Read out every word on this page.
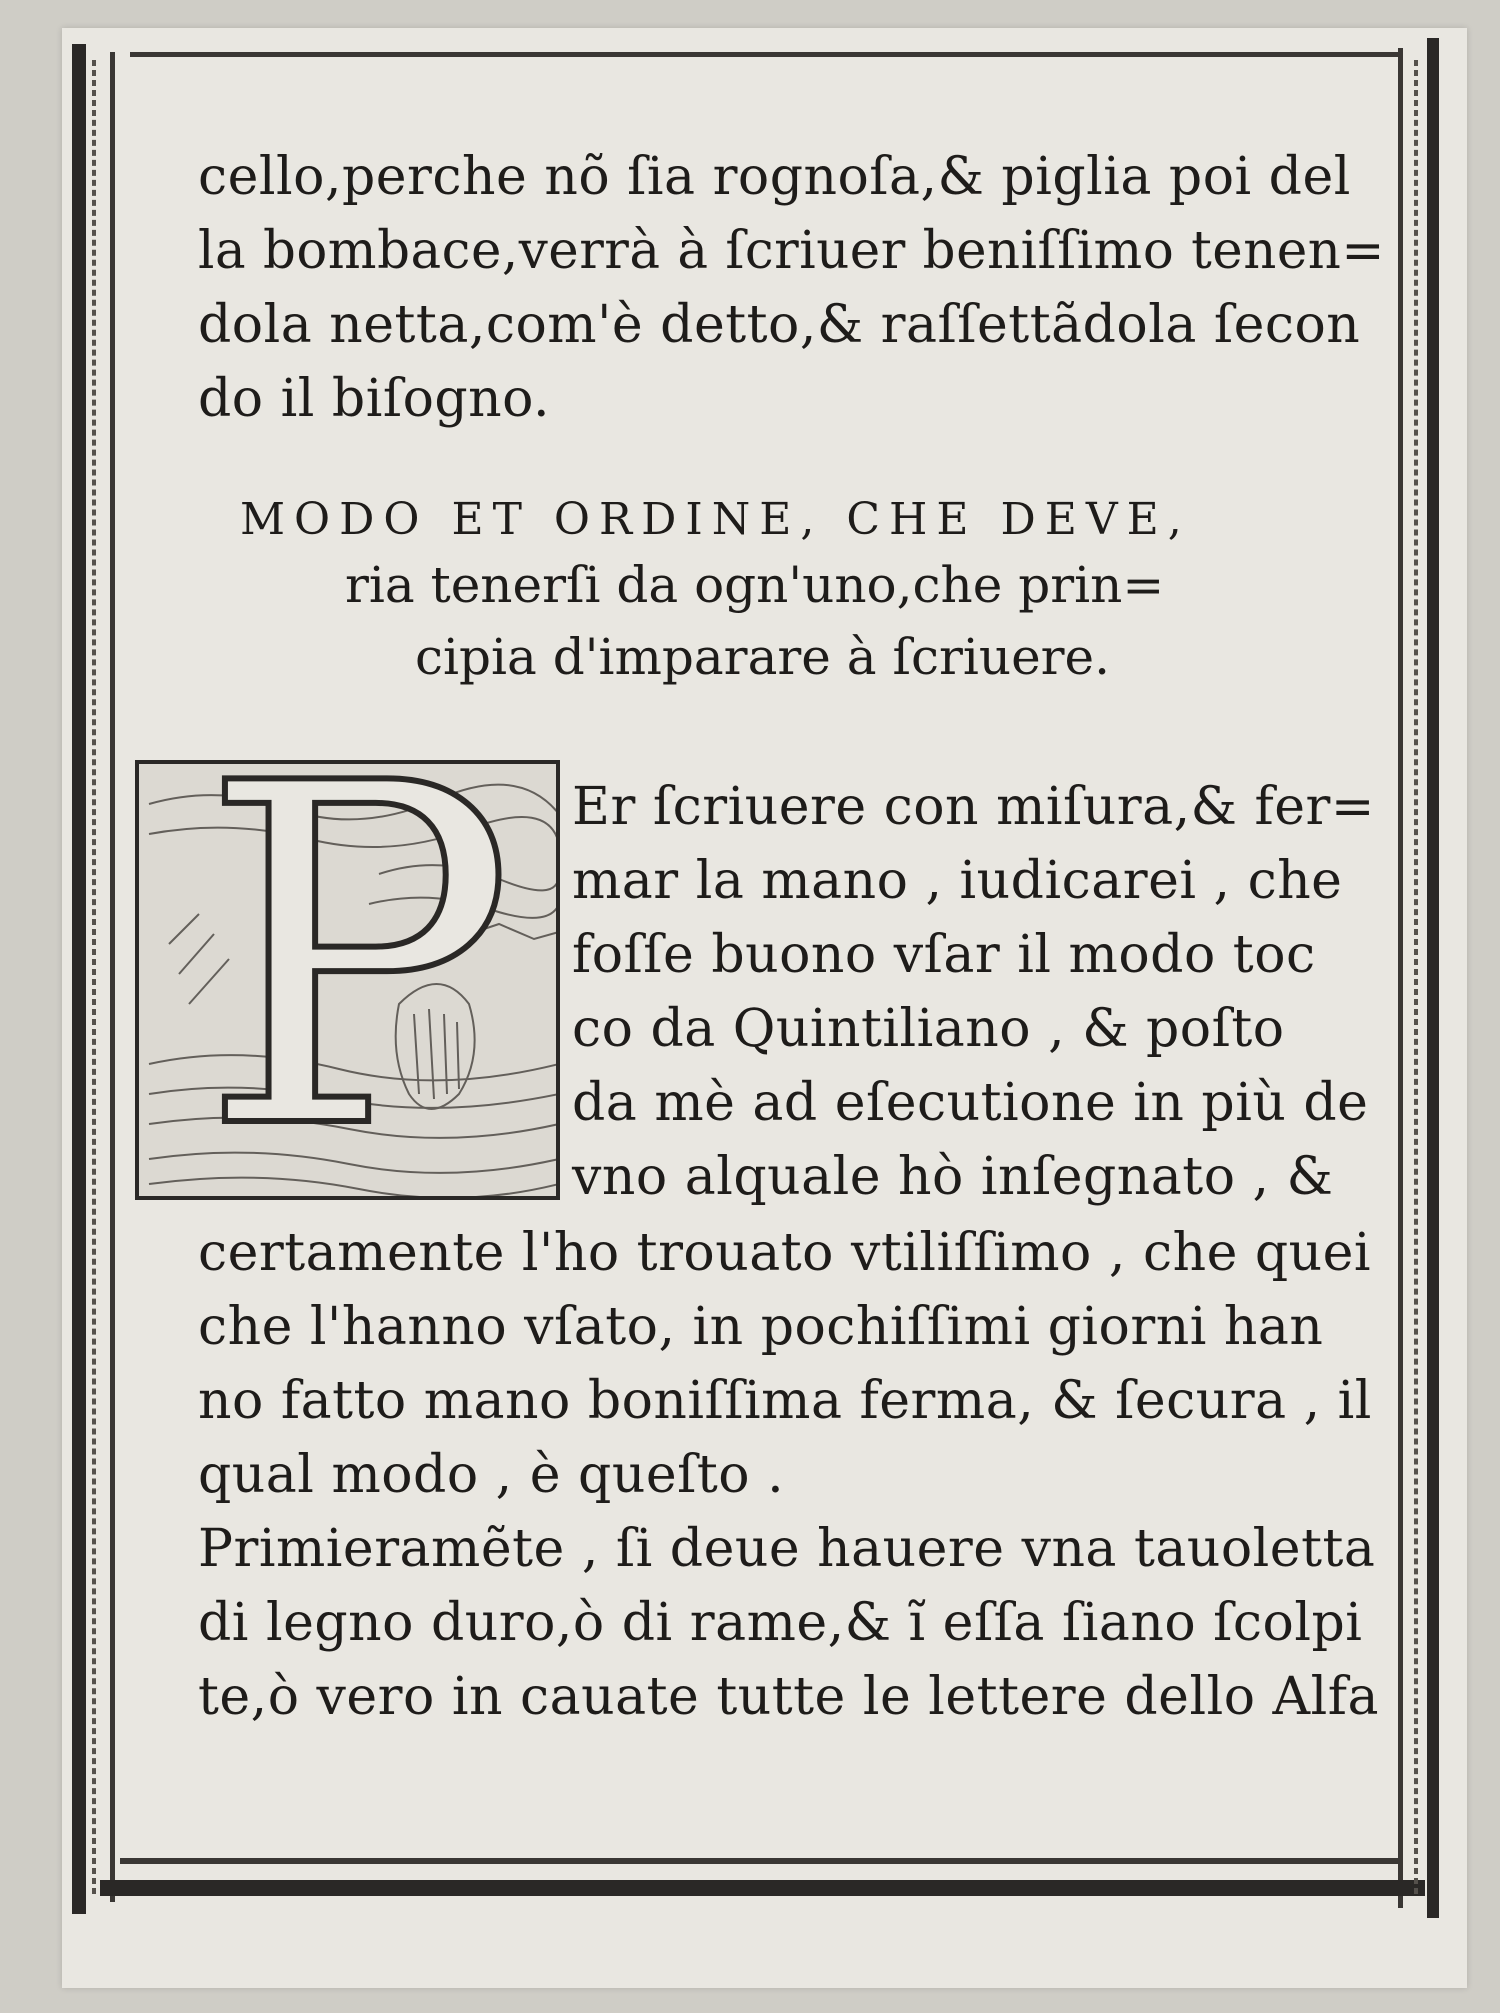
cello,perche nõ ſia rognoſa,& piglia poi del
la bombace,verrà à ſcriuer beniſſimo tenen=
dola netta,com'è detto,& raſſettãdola ſecon
do il biſogno.
MODO ET ORDINE, CHE DEVE,
ria tenerſi da ogn'uno,che prin=
cipia d'imparare à ſcriuere.
P Er ſcriuere con miſura,& fer=
mar la mano , iudicarei , che
foſſe buono vſar il modo toc
co da Quintiliano , & poſto
da mè ad eſecutione in più de
vno alquale hò inſegnato , &
certamente l'ho trouato vtiliſſimo , che quei
che l'hanno vſato, in pochiſſimi giorni han
no fatto mano boniſſima ferma, & ſecura , il
qual modo , è queſto .
Primieramẽte , ſi deue hauere vna tauoletta
di legno duro,ò di rame,& ĩ eſſa ſiano ſcolpi
te,ò vero in cauate tutte le lettere dello Alfa
